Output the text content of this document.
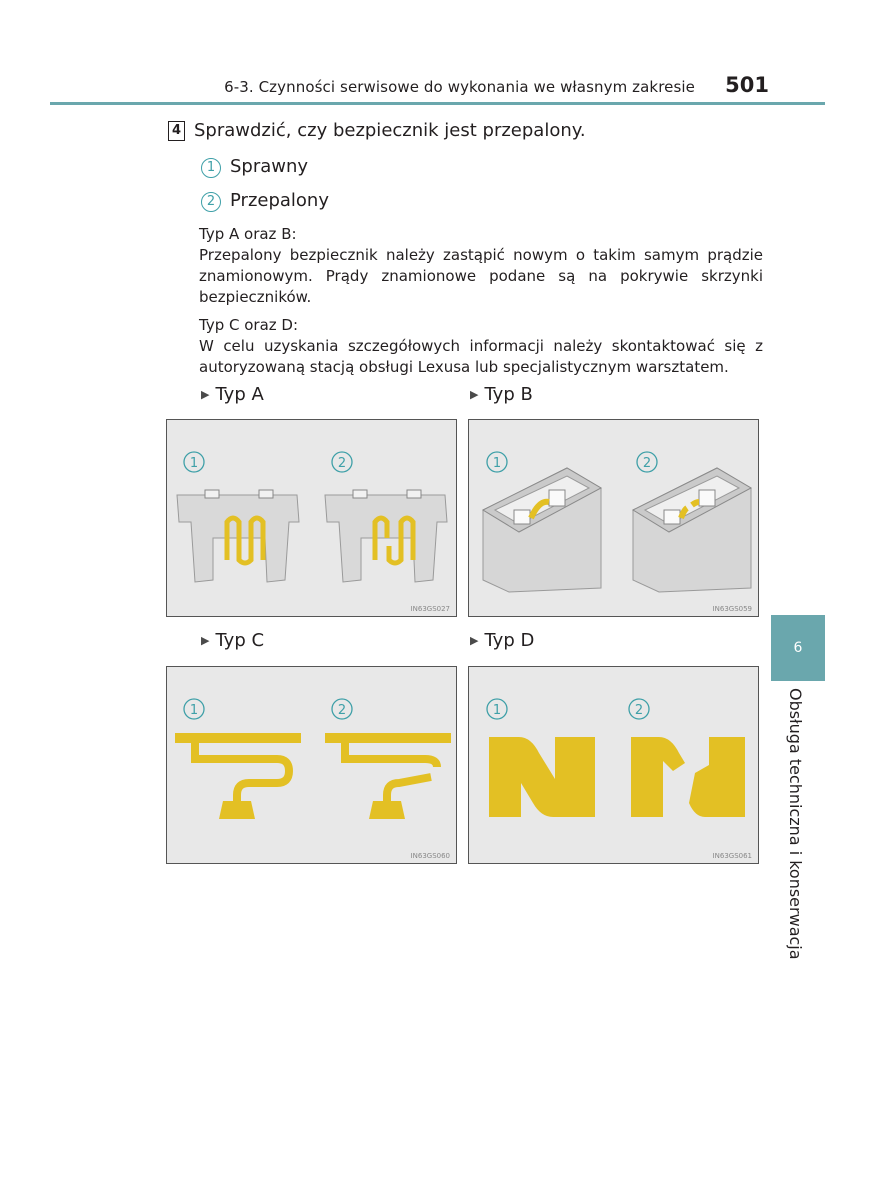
6-3. Czynności serwisowe do wykonania we własnym zakresie 501
4 Sprawdzić, czy bezpiecznik jest przepalony.
1 Sprawny
2 Przepalony

Typ A oraz B:

Przepalony bezpiecznik należy zastąpić nowym o takim samym prądzie znamionowym. Prądy znamionowe podane są na pokrywie skrzynki bezpieczników.

Typ C oraz D:

W celu uzyskania szczegółowych informacji należy skontaktować się z autoryzowaną stacją obsługi Lexusa lub specjalistycznym warsztatem.

▶ Typ A	▶ Typ B
▶ Typ C	▶ Typ D
1	2
IN63GS027
1	2
IN63GS059
1	2
IN63GS060
1	2
IN63GS061
6
Obsługa techniczna i konserwacja
